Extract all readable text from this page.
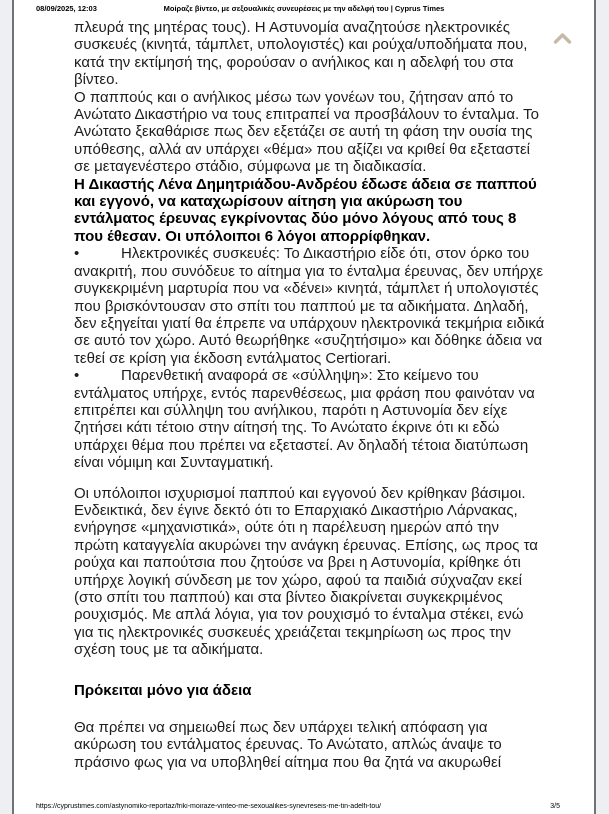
08/09/2025, 12:03	Μοίραζε βίντεο, με σεξουαλικές συνευρέσεις με την αδελφή του | Cyprus Times

πλευρά της μητέρας τους). Η Αστυνομία αναζητούσε ηλεκτρονικές συσκευές (κινητά, τάμπλετ, υπολογιστές) και ρούχα/υποδήματα που, κατά την εκτίμησή της, φορούσαν ο ανήλικος και η αδελφή του στα βίντεο.

Ο παππούς και ο ανήλικος μέσω των γονέων του, ζήτησαν από το Ανώτατο Δικαστήριο να τους επιτραπεί να προσβάλουν το ένταλμα. Το Ανώτατο ξεκαθάρισε πως δεν εξετάζει σε αυτή τη φάση την ουσία της υπόθεσης, αλλά αν υπάρχει «θέμα» που αξίζει να κριθεί θα εξεταστεί σε μεταγενέστερο στάδιο, σύμφωνα με τη διαδικασία.

Η Δικαστής Λένα Δημητριάδου-Ανδρέου έδωσε άδεια σε παππού και εγγονό, να καταχωρίσουν αίτηση για ακύρωση του εντάλματος έρευνας εγκρίνοντας δύο μόνο λόγους από τους 8 που έθεσαν. Οι υπόλοιποι 6 λόγοι απορρίφθηκαν.

•	Ηλεκτρονικές συσκευές: Το Δικαστήριο είδε ότι, στον όρκο του ανακριτή, που συνόδευε το αίτημα για το ένταλμα έρευνας, δεν υπήρχε συγκεκριμένη μαρτυρία που να «δένει» κινητά, τάμπλετ ή υπολογιστές που βρισκόντουσαν στο σπίτι του παππού με τα αδικήματα. Δηλαδή, δεν εξηγείται γιατί θα έπρεπε να υπάρχουν ηλεκτρονικά τεκμήρια ειδικά σε αυτό τον χώρο. Αυτό θεωρήθηκε «συζητήσιμο» και δόθηκε άδεια να τεθεί σε κρίση για έκδοση εντάλματος Certiorari.

•	Παρενθετική αναφορά σε «σύλληψη»: Στο κείμενο του εντάλματος υπήρχε, εντός παρενθέσεως, μια φράση που φαινόταν να επιτρέπει και σύλληψη του ανήλικου, παρότι η Αστυνομία δεν είχε ζητήσει κάτι τέτοιο στην αίτησή της. Το Ανώτατο έκρινε ότι κι εδώ υπάρχει θέμα που πρέπει να εξεταστεί. Αν δηλαδή τέτοια διατύπωση είναι νόμιμη και Συνταγματική.

Οι υπόλοιποι ισχυρισμοί παππού και εγγονού δεν κρίθηκαν βάσιμοι. Ενδεικτικά, δεν έγινε δεκτό ότι το Επαρχιακό Δικαστήριο Λάρνακας, ενήργησε «μηχανιστικά», ούτε ότι η παρέλευση ημερών από την πρώτη καταγγελία ακυρώνει την ανάγκη έρευνας. Επίσης, ως προς τα ρούχα και παπούτσια που ζητούσε να βρει η Αστυνομία, κρίθηκε ότι υπήρχε λογική σύνδεση με τον χώρο, αφού τα παιδιά σύχναζαν εκεί (στο σπίτι του παππού) και στα βίντεο διακρίνεται συγκεκριμένος ρουχισμός. Με απλά λόγια, για τον ρουχισμό το ένταλμα στέκει, ενώ για τις ηλεκτρονικές συσκευές χρειάζεται τεκμηρίωση ως προς την σχέση τους με τα αδικήματα.

Πρόκειται μόνο για άδεια

Θα πρέπει να σημειωθεί πως δεν υπάρχει τελική απόφαση για ακύρωση του εντάλματος έρευνας. Το Ανώτατο, απλώς άναψε το πράσινο φως για να υποβληθεί αίτημα που θα ζητά να ακυρωθεί

https://cyprustimes.com/astynomiko-reportaz/friki-moiraze-vinteo-me-sexoualikes-synevreseis-me-tin-adelfi-tou/	3/5
